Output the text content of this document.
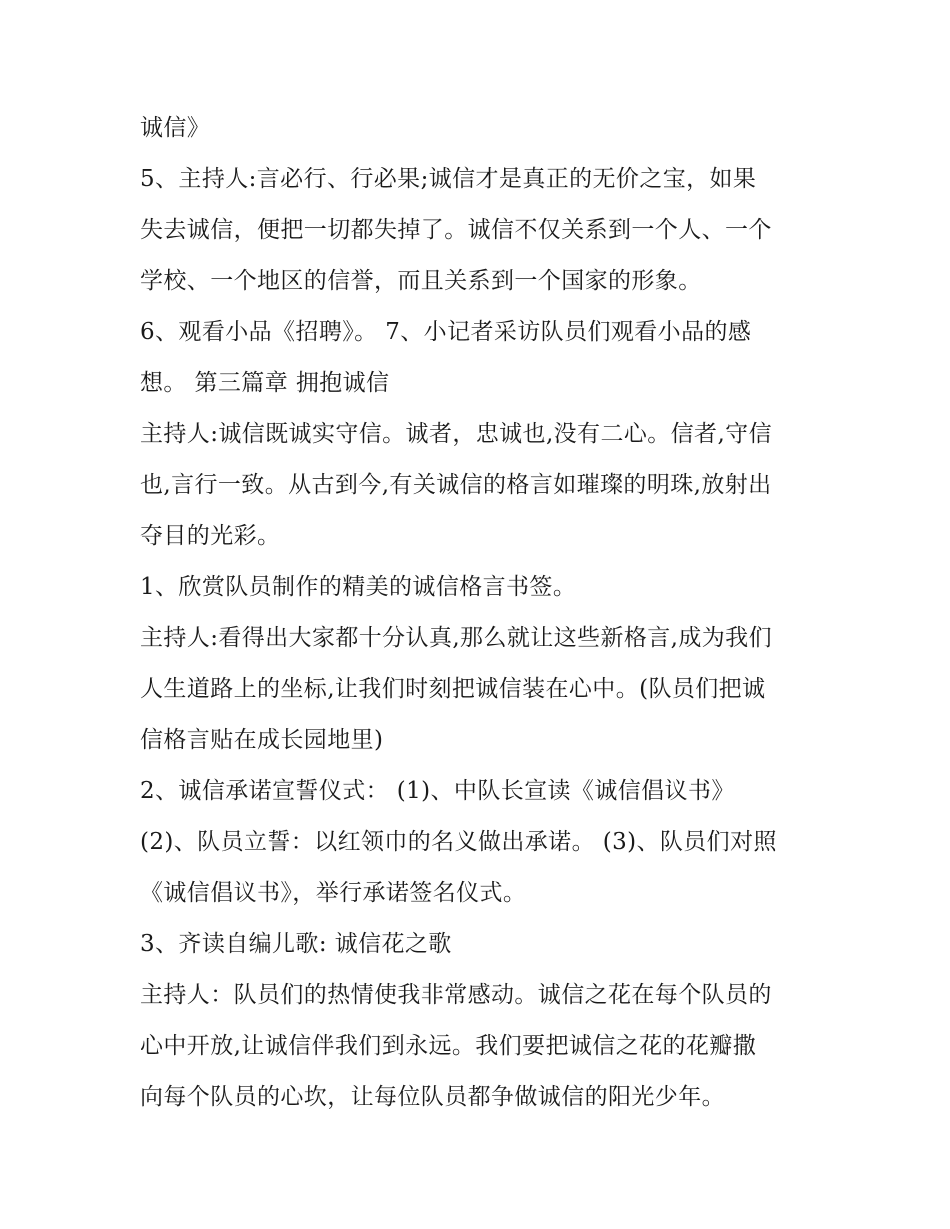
诚信》
5、主持人:言必行、行必果;诚信才是真正的无价之宝，如果
失去诚信，便把一切都失掉了。诚信不仅关系到一个人、一个
学校、一个地区的信誉，而且关系到一个国家的形象。
6、观看小品《招聘》。 7、小记者采访队员们观看小品的感
想。 第三篇章 拥抱诚信
主持人:诚信既诚实守信。诚者，忠诚也,没有二心。信者,守信
也,言行一致。从古到今,有关诚信的格言如璀璨的明珠,放射出
夺目的光彩。
1、欣赏队员制作的精美的诚信格言书签。
主持人:看得出大家都十分认真,那么就让这些新格言,成为我们
人生道路上的坐标,让我们时刻把诚信装在心中。(队员们把诚
信格言贴在成长园地里)
2、诚信承诺宣誓仪式： (1)、中队长宣读《诚信倡议书》
(2)、队员立誓：以红领巾的名义做出承诺。 (3)、队员们对照
《诚信倡议书》，举行承诺签名仪式。
3、齐读自编儿歌: 诚信花之歌
主持人：队员们的热情使我非常感动。诚信之花在每个队员的
心中开放,让诚信伴我们到永远。我们要把诚信之花的花瓣撒
向每个队员的心坎，让每位队员都争做诚信的阳光少年。
